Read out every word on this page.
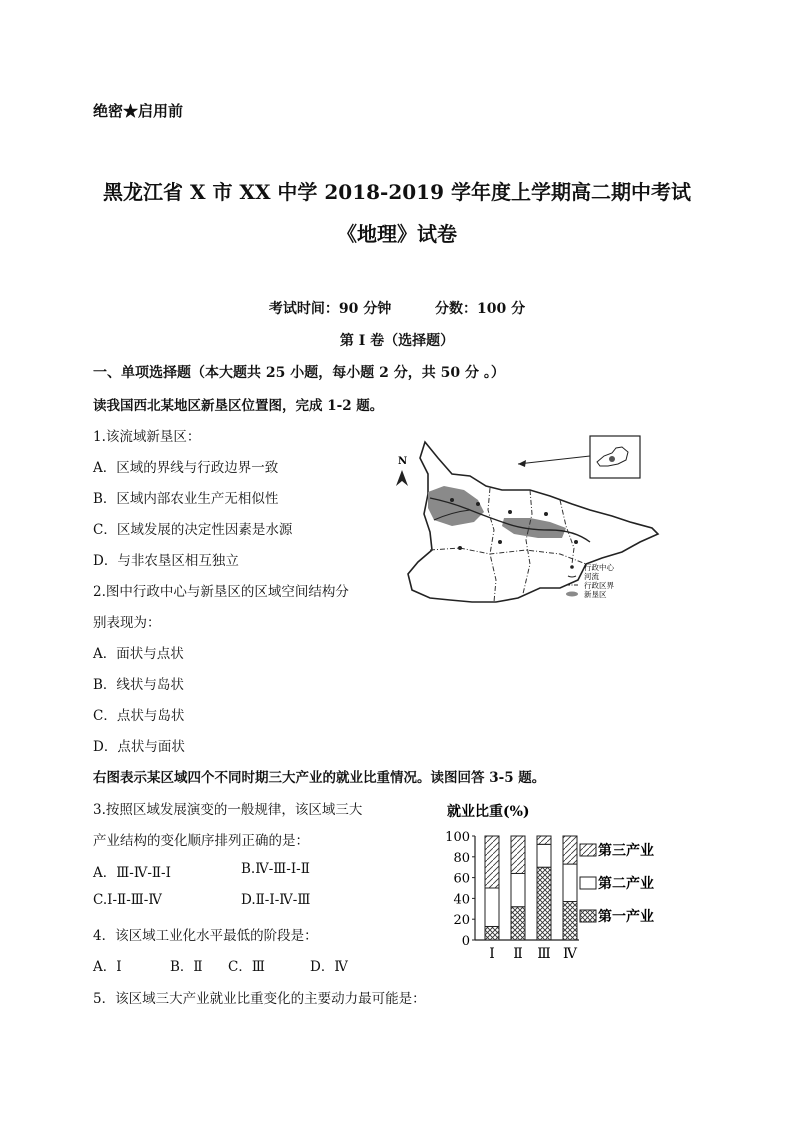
绝密★启用前
黑龙江省 X 市 XX 中学 2018-2019 学年度上学期高二期中考试
《地理》试卷
考试时间：90 分钟	分数：100 分
第 I 卷（选择题）
一、单项选择题（本大题共 25 小题，每小题 2 分，共 50 分 。）
读我国西北某地区新垦区位置图，完成 1-2 题。
1.该流域新垦区：
A．区域的界线与行政边界一致
B．区域内部农业生产无相似性
C．区域发展的决定性因素是水源
D．与非农垦区相互独立
2.图中行政中心与新垦区的区域空间结构分
别表现为：
A．面状与点状
B．线状与岛状
C．点状与岛状
D．点状与面状
右图表示某区域四个不同时期三大产业的就业比重情况。读图回答 3-5 题。
3.按照区域发展演变的一般规律，该区域三大
产业结构的变化顺序排列正确的是：
A．Ⅲ-Ⅳ-Ⅱ-Ⅰ	B.Ⅳ-Ⅲ-Ⅰ-Ⅱ
C.Ⅰ-Ⅱ-Ⅲ-Ⅳ	D.Ⅱ-Ⅰ-Ⅳ-Ⅲ
4．该区域工业化水平最低的阶段是：
A．Ⅰ	B．Ⅱ C．Ⅲ	D．Ⅳ
5．该区域三大产业就业比重变化的主要动力最可能是：
N
行政中心
河流
行政区界
新垦区
就业比重(%)
0
20
40
60
80
100
Ⅰ Ⅱ Ⅲ Ⅳ
第三产业
第二产业
第一产业
